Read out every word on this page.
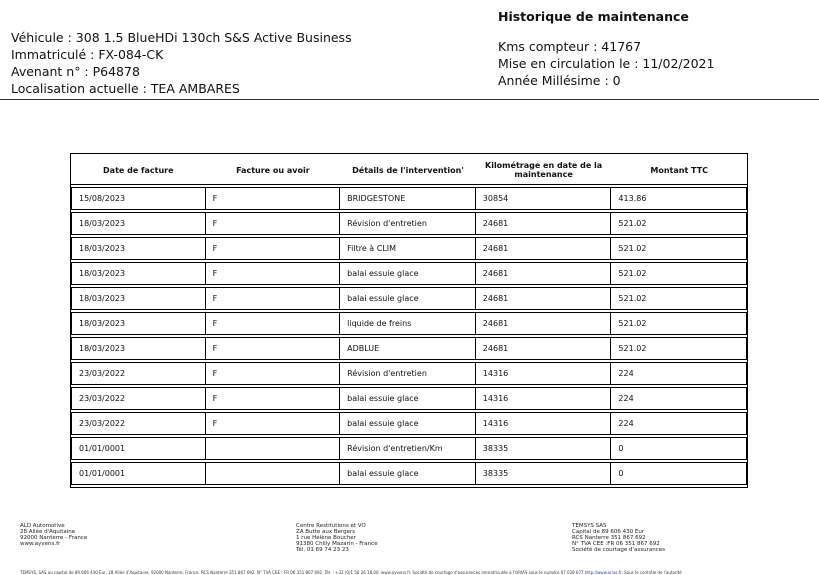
Véhicule : 308 1.5 BlueHDi 130ch S&S Active Business
Immatriculé : FX-084-CK
Avenant n° : P64878
Localisation actuelle : TEA AMBARES
Historique de maintenance
Kms compteur : 41767
Mise en circulation le : 11/02/2021
Année Millésime : 0
Date de facture	Facture ou avoir	Détails de l'intervention'	Kilométrage en date de la maintenance	Montant TTC
15/08/2023	F	BRIDGESTONE	30854	413.86
18/03/2023	F	Révision d'entretien	24681	521.02
18/03/2023	F	Filtre à CLIM	24681	521.02
18/03/2023	F	balai essuie glace	24681	521.02
18/03/2023	F	balai essuie glace	24681	521.02
18/03/2023	F	liquide de freins	24681	521.02
18/03/2023	F	ADBLUE	24681	521.02
23/03/2022	F	Révision d'entretien	14316	224
23/03/2022	F	balai essuie glace	14316	224
23/03/2022	F	balai essuie glace	14316	224
01/01/0001		Révision d'entretien/Km	38335	0
01/01/0001		balai essuie glace	38335	0
ALD Automotive
28 Allée d'Aquitaine
92000 Nanterre - France
www.ayvens.fr
Centre Restitutions et VO
ZA Butte aux Bergers
1 rue Hélène Boucher
91380 Chilly Mazarin - France
Tél. 01 69 74 23 23
TEMSYS SAS
Capital de 89 606 430 Eur
RCS Nanterre 351 867 692
N° TVA CEE :FR 06 351 867 692
Société de courtage d'assurances
TEMSYS, SAS au capital de 89 606 430 Eur, 28 Allée d'Aquitaine, 92000 Nanterre, France. RCS Nanterre 351 867 692. N° TVA CEE : FR 06 351 867 692. Tél. : +33 (0)1 56 26 18 00. www.ayvens.fr. Société de courtage d'assurances immatriculée à l'ORIAS sous le numéro 07 028 677 http://www.orias.fr. Sous le contrôle de l'autorité
